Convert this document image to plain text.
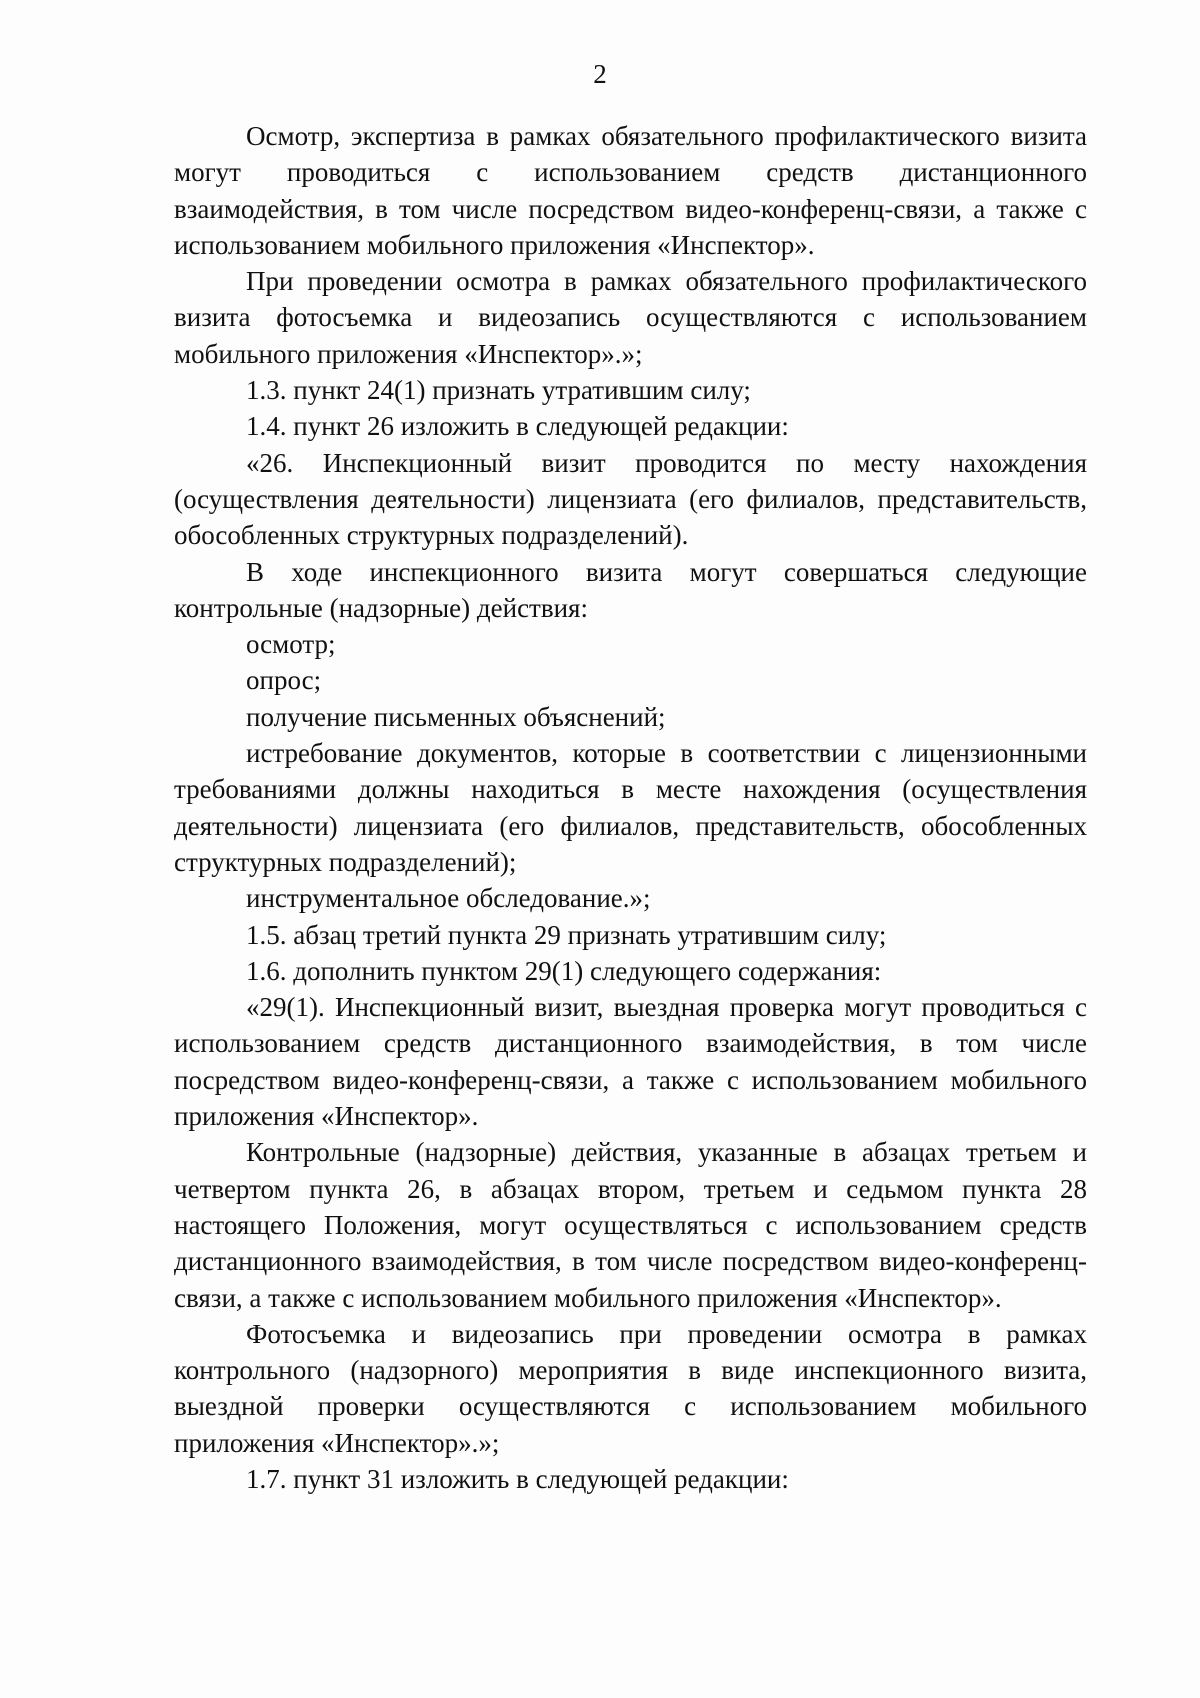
2

Осмотр, экспертиза в рамках обязательного профилактического визита могут проводиться с использованием средств дистанционного взаимодействия, в том числе посредством видео-конференц-связи, а также с использованием мобильного приложения «Инспектор».

При проведении осмотра в рамках обязательного профилактического визита фотосъемка и видеозапись осуществляются с использованием мобильного приложения «Инспектор».»;

1.3. пункт 24(1) признать утратившим силу;

1.4. пункт 26 изложить в следующей редакции:

«26. Инспекционный визит проводится по месту нахождения (осуществления деятельности) лицензиата (его филиалов, представительств, обособленных структурных подразделений).

В ходе инспекционного визита могут совершаться следующие контрольные (надзорные) действия:

осмотр;

опрос;

получение письменных объяснений;

истребование документов, которые в соответствии с лицензионными требованиями должны находиться в месте нахождения (осуществления деятельности) лицензиата (его филиалов, представительств, обособленных структурных подразделений);

инструментальное обследование.»;

1.5. абзац третий пункта 29 признать утратившим силу;

1.6. дополнить пунктом 29(1) следующего содержания:

«29(1). Инспекционный визит, выездная проверка могут проводиться с использованием средств дистанционного взаимодействия, в том числе посредством видео-конференц-связи, а также с использованием мобильного приложения «Инспектор».

Контрольные (надзорные) действия, указанные в абзацах третьем и четвертом пункта 26, в абзацах втором, третьем и седьмом пункта 28 настоящего Положения, могут осуществляться с использованием средств дистанционного взаимодействия, в том числе посредством видео-конференц-связи, а также с использованием мобильного приложения «Инспектор».

Фотосъемка и видеозапись при проведении осмотра в рамках контрольного (надзорного) мероприятия в виде инспекционного визита, выездной проверки осуществляются с использованием мобильного приложения «Инспектор».»;

1.7. пункт 31 изложить в следующей редакции:
